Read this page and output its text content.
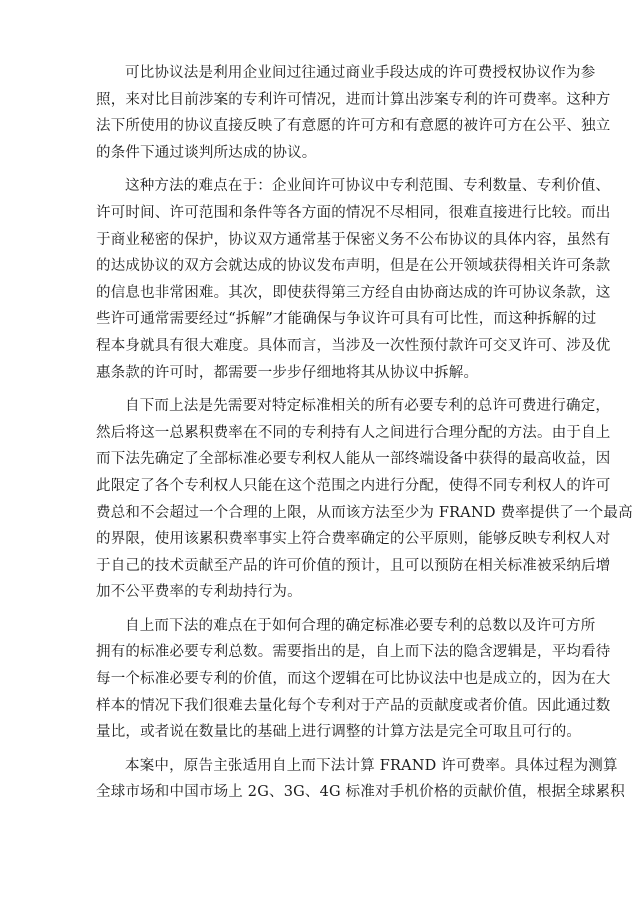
可比协议法是利用企业间过往通过商业手段达成的许可费授权协议作为参
照，来对比目前涉案的专利许可情况，进而计算出涉案专利的许可费率。这种方
法下所使用的协议直接反映了有意愿的许可方和有意愿的被许可方在公平、独立
的条件下通过谈判所达成的协议。

这种方法的难点在于：企业间许可协议中专利范围、专利数量、专利价值、
许可时间、许可范围和条件等各方面的情况不尽相同，很难直接进行比较。而出
于商业秘密的保护，协议双方通常基于保密义务不公布协议的具体内容，虽然有
的达成协议的双方会就达成的协议发布声明，但是在公开领域获得相关许可条款
的信息也非常困难。其次，即使获得第三方经自由协商达成的许可协议条款，这
些许可通常需要经过“拆解”才能确保与争议许可具有可比性，而这种拆解的过
程本身就具有很大难度。具体而言，当涉及一次性预付款许可交叉许可、涉及优
惠条款的许可时，都需要一步步仔细地将其从协议中拆解。

自下而上法是先需要对特定标准相关的所有必要专利的总许可费进行确定，
然后将这一总累积费率在不同的专利持有人之间进行合理分配的方法。由于自上
而下法先确定了全部标准必要专利权人能从一部终端设备中获得的最高收益，因
此限定了各个专利权人只能在这个范围之内进行分配，使得不同专利权人的许可
费总和不会超过一个合理的上限，从而该方法至少为 FRAND 费率提供了一个最高
的界限，使用该累积费率事实上符合费率确定的公平原则，能够反映专利权人对
于自己的技术贡献至产品的许可价值的预计，且可以预防在相关标准被采纳后增
加不公平费率的专利劫持行为。

自上而下法的难点在于如何合理的确定标准必要专利的总数以及许可方所
拥有的标准必要专利总数。需要指出的是，自上而下法的隐含逻辑是，平均看待
每一个标准必要专利的价值，而这个逻辑在可比协议法中也是成立的，因为在大
样本的情况下我们很难去量化每个专利对于产品的贡献度或者价值。因此通过数
量比，或者说在数量比的基础上进行调整的计算方法是完全可取且可行的。

本案中，原告主张适用自上而下法计算 FRAND 许可费率。具体过程为测算
全球市场和中国市场上 2G、3G、4G 标准对手机价格的贡献价值，根据全球累积
